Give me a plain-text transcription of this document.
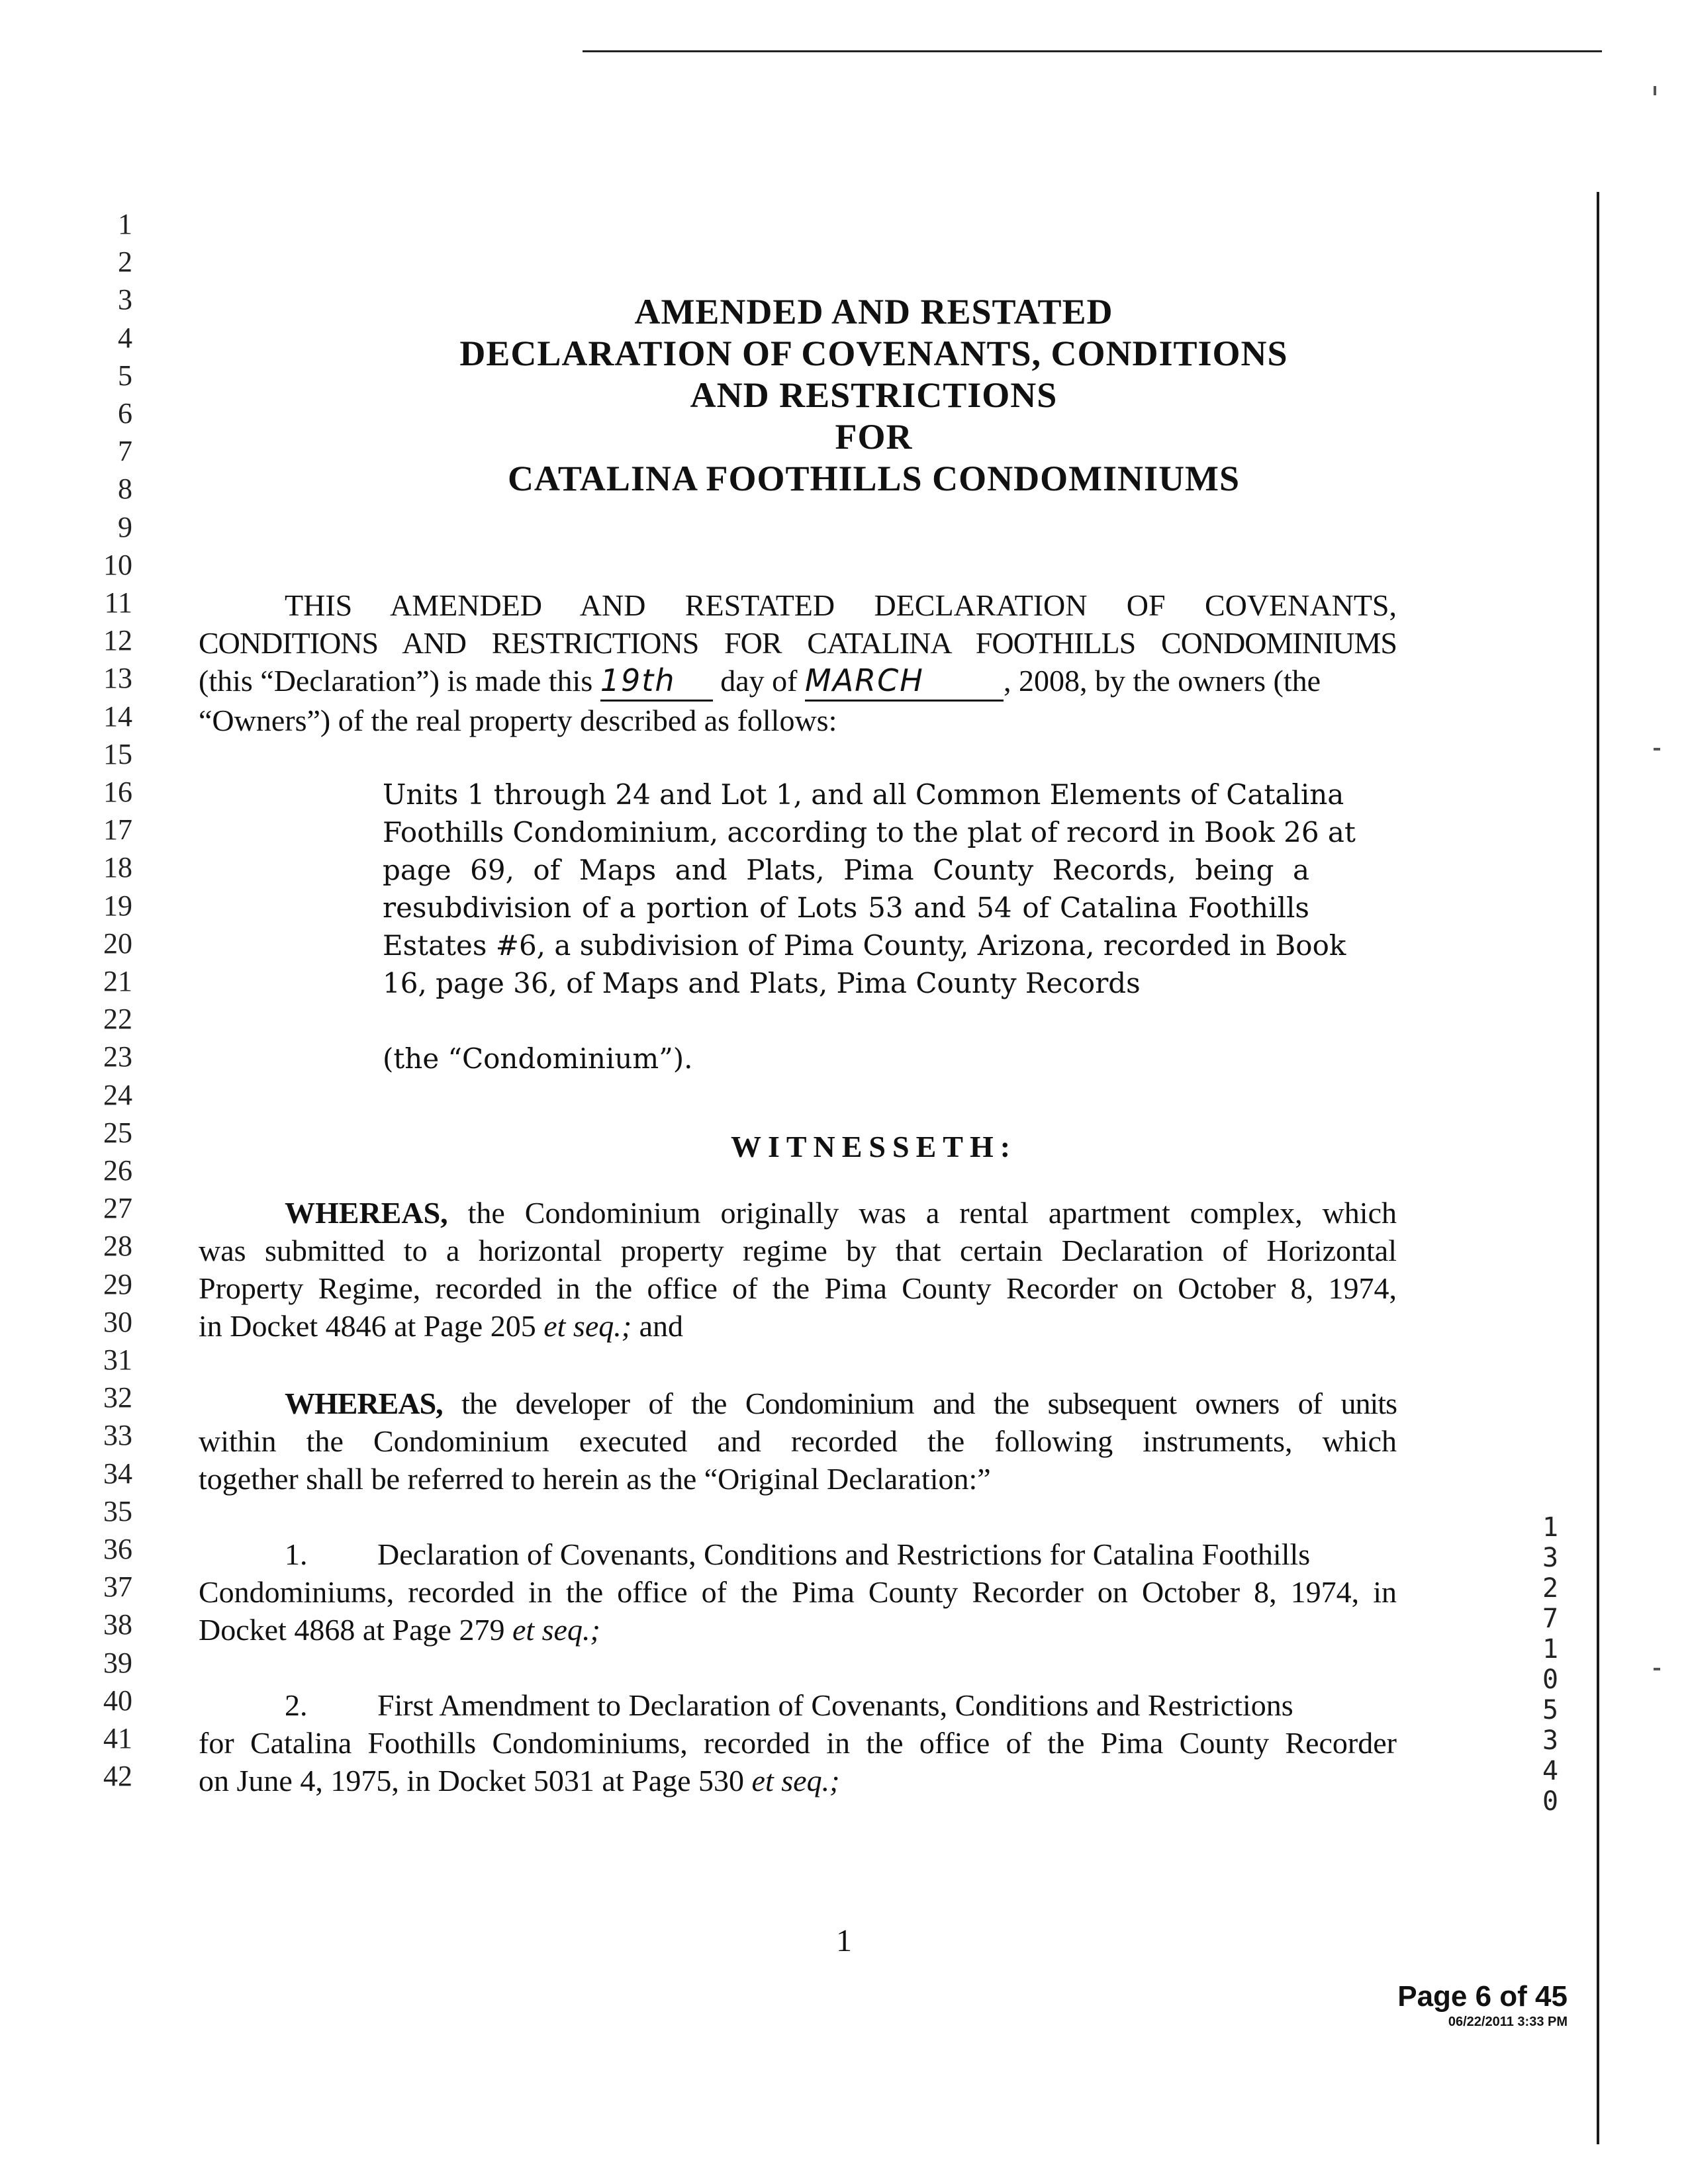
1
2
3
4
5
6
7
8
9
10
11
12
13
14
15
16
17
18
19
20
21
22
23
24
25
26
27
28
29
30
31
32
33
34
35
36
37
38
39
40
41
42
AMENDED AND RESTATED
DECLARATION OF COVENANTS, CONDITIONS
AND RESTRICTIONS
FOR
CATALINA FOOTHILLS CONDOMINIUMS
THIS AMENDED AND RESTATED DECLARATION OF COVENANTS,
CONDITIONS AND RESTRICTIONS FOR CATALINA FOOTHILLS CONDOMINIUMS
(this “Declaration”) is made this 19th day of MARCH	, 2008, by the owners (the
“Owners”) of the real property described as follows:
Units 1 through 24 and Lot 1, and all Common Elements of Catalina
Foothills Condominium, according to the plat of record in Book 26 at
page 69, of Maps and Plats, Pima County Records, being a
resubdivision of a portion of Lots 53 and 54 of Catalina Foothills
Estates #6, a subdivision of Pima County, Arizona, recorded in Book
16, page 36, of Maps and Plats, Pima County Records
(the “Condominium”).
WITNESSETH:
WHEREAS, the Condominium originally was a rental apartment complex, which
was submitted to a horizontal property regime by that certain Declaration of Horizontal
Property Regime, recorded in the office of the Pima County Recorder on October 8, 1974,
in Docket 4846 at Page 205 et seq.; and
WHEREAS, the developer of the Condominium and the subsequent owners of units
within the Condominium executed and recorded the following instruments, which
together shall be referred to herein as the “Original Declaration:”
1. Declaration of Covenants, Conditions and Restrictions for Catalina Foothills
Condominiums, recorded in the office of the Pima County Recorder on October 8, 1974, in
Docket 4868 at Page 279 et seq.;
2. First Amendment to Declaration of Covenants, Conditions and Restrictions
for Catalina Foothills Condominiums, recorded in the office of the Pima County Recorder
on June 4, 1975, in Docket 5031 at Page 530 et seq.;
13271 05340
1
Page 6 of 45
06/22/2011 3:33 PM
